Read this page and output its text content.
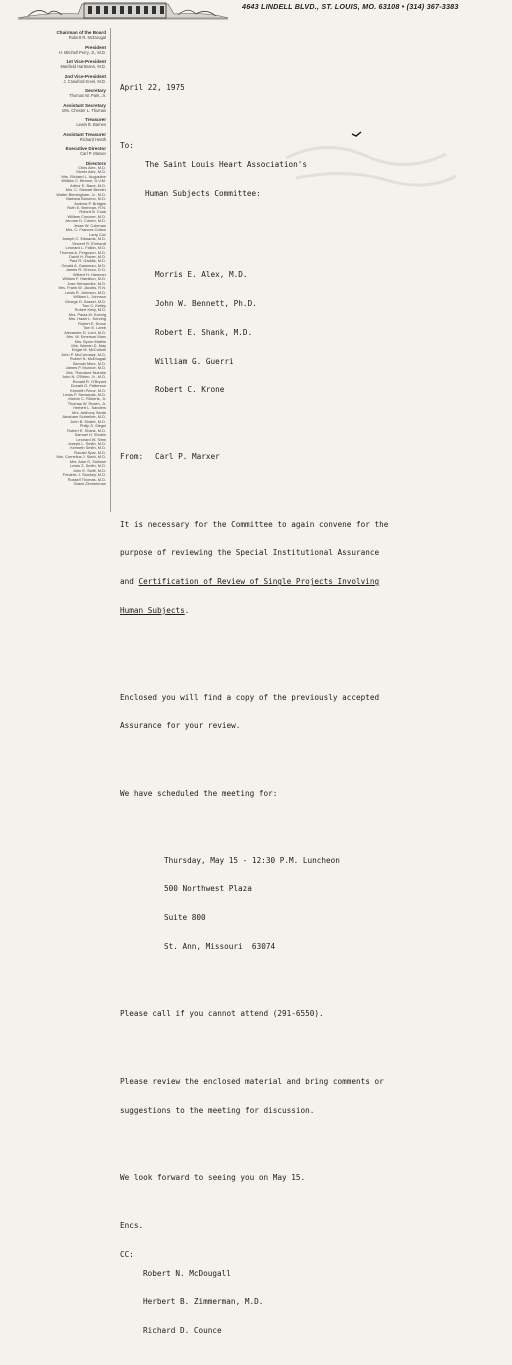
4643 LINDELL BLVD., ST. LOUIS, MO. 63108 • (314) 367-3383
Chairman of the Board
Robert R. McDougal
President
H. Mitchell Perry, Jr., M.D.
1st Vice-President
Manfield Hartmann, M.D.
2nd Vice-President
J. Crawford Kreel, M.D.
Secretary
Thomas W. Park, Jr.
Assistant Secretary
Mrs. Chester L. Thomas
Treasurer
Lewis B. Barnes
Assistant Treasurer
Richard Heath
Executive Director
Carl P. Marxer
Directors
Chris Alex, M.D.
Morris Alex, M.D.
Mrs. Richard L. Augustine
William C. Benner, D.V.M.
Arthur E. Baue, M.D.
Mrs. C. Stewart Bender
Walter Birmingham, Jr., M.D.
Barbara Bonomo, M.D.
Andrew P. Bridges
Ruth E. Brennan, R.N.
Robert B. Cook
William Conover, M.D.
Jerome D. Cohen, M.D.
Jesse W. Coleman
Mrs. C. Frances Cotton
Larry Cox
Joseph C. Edwards, M.D.
Vincent R. Ehrhardt
Leonard L. Falkin, M.D.
Thomas A. Ferguson, M.D.
David H. Fisher, M.D.
Paul R. Gaddis, M.D.
Gerald A. Gausman, M.D.
James R. Grecco, D.O.
Wilbert H. Hammer
William F. Hamilton, M.D.
Jose Hernandez, M.D.
Mrs. Frank W. Jacobs, R.N.
Lewis R. Johnson, M.D.
William L. Johnson
George D. Kassel, M.D.
Tom C. Kelley
Robert Kelly, M.D.
Mrs. Paula M. Koenig
Mrs. Hazel L. Kohring
Robert E. Krone
Tom E. Lamb
Alexander D. Lord, M.D.
Mrs. W. Emerson Marx
Mrs. Byron Mathis
Mrs. Warren D. May
Edgar M. McCollum
John P. McCormack, M.D.
Robert N. McDougall
Samuel Merz, M.D.
James P. Munroe, M.D.
Mrs. Theodore Nuenke
John N. O'Brien, Jr., M.D.
Ronald R. O'Bryant
Donald O. Patterson
Kenneth Pecor, M.D.
Lewis P. Sensepak, M.D.
Marvin C. Roberts, Jr.
Thomas W. Rosen, Jr.
Herbert L. Sanders
Mrs. Anthony Sante
Abraham Schreiber, M.D.
John B. Shafer, M.D.
Philip S. Siegel
Robert E. Shank, M.D.
Samuel H. Shubin
Leonard W. Sims
Joseph L. Smith, M.D.
Kenneth Smith, M.D.
Ronald Spar, M.D.
Mrs. Cornelius J. Stahl, M.D.
Mrs. Alan G. Sullivan
Lewis Z. Smith, M.D.
John E. Swift, M.D.
Frederic J. Stuckey, M.D.
Russell Thomas, M.D.
Grace Zimmerman

April 22, 1975

To:

The Saint Louis Heart Association's

Human Subjects Committee:

Morris E. Alex, M.D.

John W. Bennett, Ph.D.

Robert E. Shank, M.D.

William G. Guerri

Robert C. Krone

From:	Carl P. Marxer

It is necessary for the Committee to again convene for the

purpose of reviewing the Special Institutional Assurance

and Certification of Review of Single Projects Involving

Human Subjects.

Enclosed you will find a copy of the previously accepted

Assurance for your review.

We have scheduled the meeting for:

Thursday, May 15 - 12:30 P.M. Luncheon

500 Northwest Plaza

Suite 800

St. Ann, Missouri  63074

Please call if you cannot attend (291-6550).

Please review the enclosed material and bring comments or

suggestions to the meeting for discussion.

We look forward to seeing you on May 15.

Encs.

CC:

Robert N. McDougall

Herbert B. Zimmerman, M.D.

Richard D. Counce
